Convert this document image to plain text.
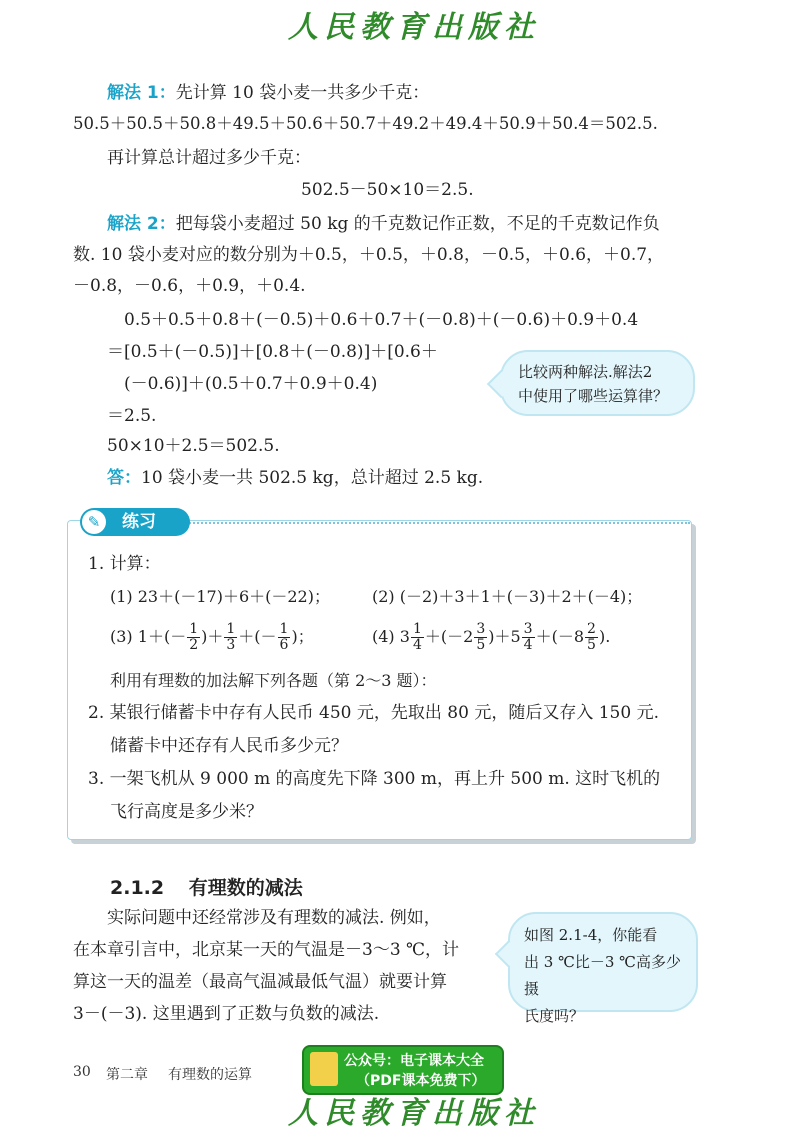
人民教育出版社
解法 1：先计算 10 袋小麦一共多少千克：
50.5＋50.5＋50.8＋49.5＋50.6＋50.7＋49.2＋49.4＋50.9＋50.4＝502.5.
再计算总计超过多少千克：
502.5－50×10＝2.5.
解法 2：把每袋小麦超过 50 kg 的千克数记作正数，不足的千克数记作负
数. 10 袋小麦对应的数分别为＋0.5，＋0.5，＋0.8，－0.5，＋0.6，＋0.7，
－0.8，－0.6，＋0.9，＋0.4.
0.5＋0.5＋0.8＋(－0.5)＋0.6＋0.7＋(－0.8)＋(－0.6)＋0.9＋0.4
＝[0.5＋(－0.5)]＋[0.8＋(－0.8)]＋[0.6＋
(－0.6)]＋(0.5＋0.7＋0.9＋0.4)
＝2.5.
50×10＋2.5＝502.5.
答：10 袋小麦一共 502.5 kg，总计超过 2.5 kg.
比较两种解法.解法2
中使用了哪些运算律？
✎	练习
1. 计算：
(1) 23＋(－17)＋6＋(－22)；	(2) (－2)＋3＋1＋(－3)＋2＋(－4)；
(3) $1+(- \frac{1}{2}$ )＋ $\frac{1}{3}$ ＋(－ $\frac{1}{6}$ )；	(4) $3 \frac{1}{4} +(-2 \frac{3}{5} )+5 \frac{3}{4} +(-8 \frac{2}{5}$ ).
利用有理数的加法解下列各题（第 2～3 题）：
2. 某银行储蓄卡中存有人民币 450 元，先取出 80 元，随后又存入 150 元.
储蓄卡中还存有人民币多少元？
3. 一架飞机从 9 000 m 的高度先下降 300 m，再上升 500 m. 这时飞机的
飞行高度是多少米？
2.1.2 有理数的减法
实际问题中还经常涉及有理数的减法. 例如，
在本章引言中，北京某一天的气温是－3～3 ℃，计
算这一天的温差（最高气温减最低气温）就要计算
3－(－3). 这里遇到了正数与负数的减法.
如图 2.1-4，你能看
出 3 ℃比－3 ℃高多少摄
氏度吗？
30 第二章 有理数的运算
公众号：电子课本大全
（PDF课本免费下）
人民教育出版社
